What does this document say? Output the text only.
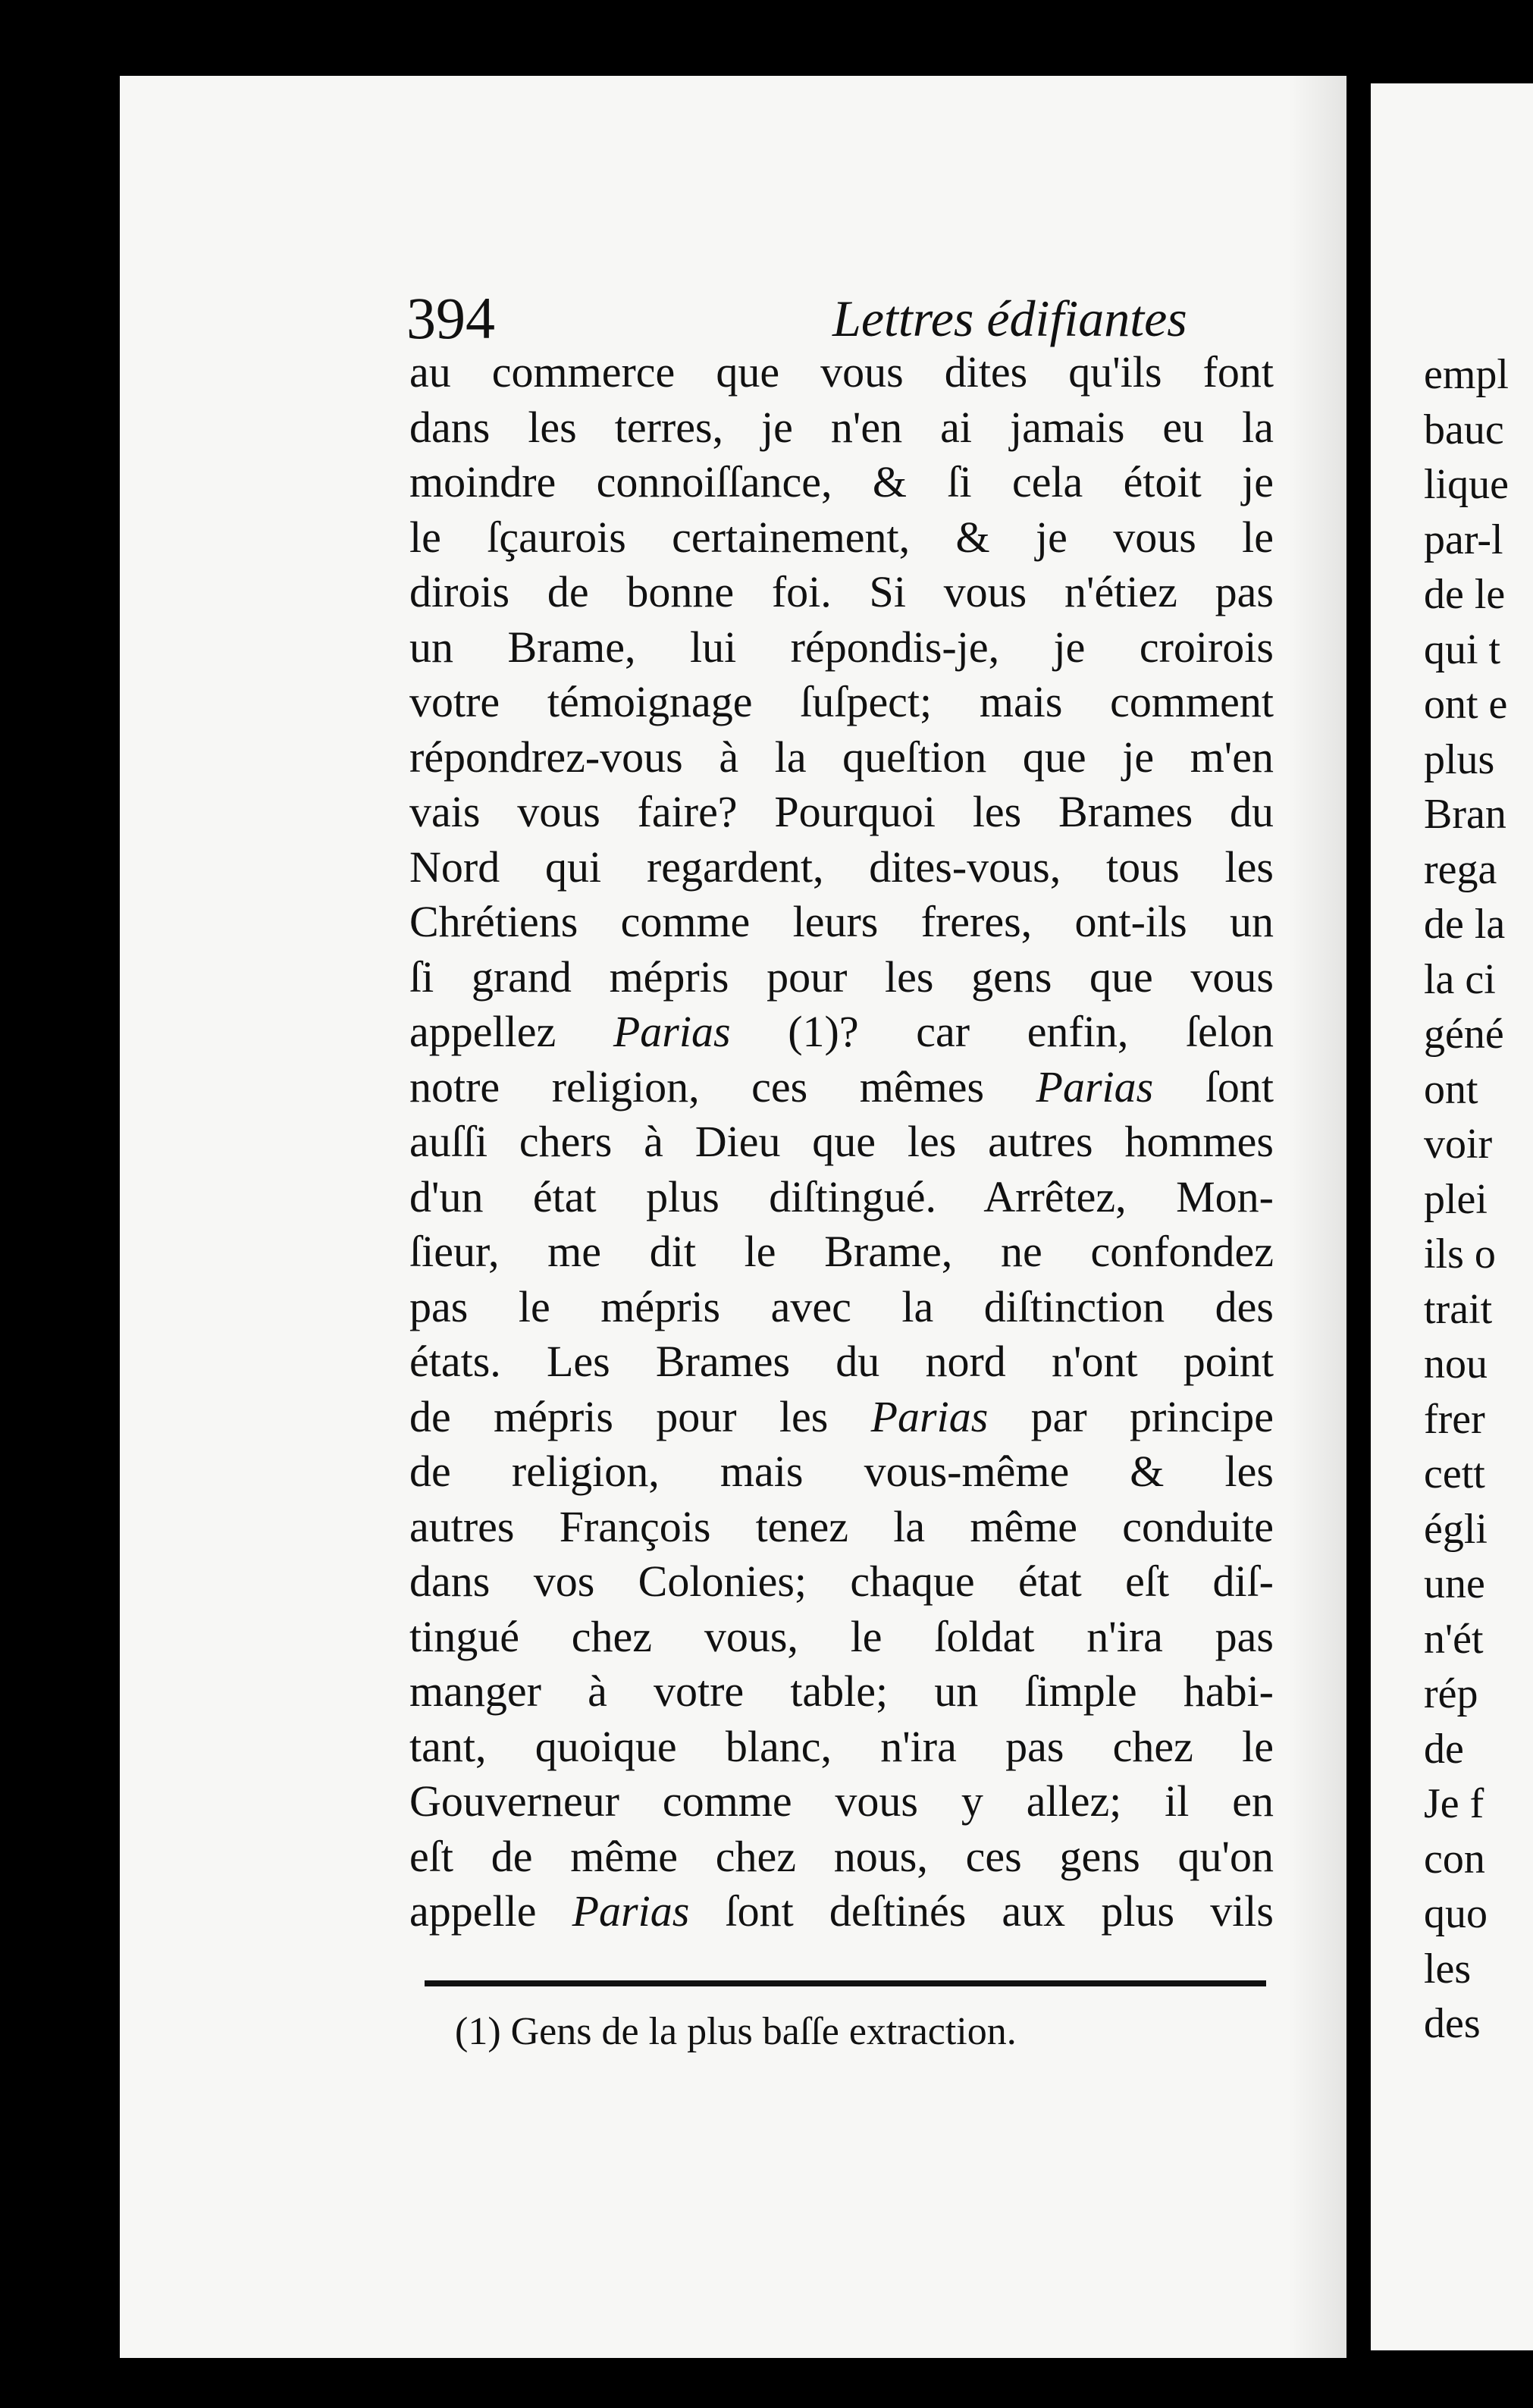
394	Lettres édifiantes
au commerce que vous dites qu'ils font
dans les terres, je n'en ai jamais eu la
moindre connoiſſance, & ſi cela étoit je
le ſçaurois certainement, & je vous le
dirois de bonne foi. Si vous n'étiez pas
un Brame, lui répondis-je, je croirois
votre témoignage ſuſpect; mais comment
répondrez-vous à la queſtion que je m'en
vais vous faire? Pourquoi les Brames du
Nord qui regardent, dites-vous, tous les
Chrétiens comme leurs freres, ont-ils un
ſi grand mépris pour les gens que vous
appellez Parias (1)? car enfin, ſelon
notre religion, ces mêmes Parias ſont
auſſi chers à Dieu que les autres hommes
d'un état plus diſtingué. Arrêtez, Mon-
ſieur, me dit le Brame, ne confondez
pas le mépris avec la diſtinction des
états. Les Brames du nord n'ont point
de mépris pour les Parias par principe
de religion, mais vous-même & les
autres François tenez la même conduite
dans vos Colonies; chaque état eſt diſ-
tingué chez vous, le ſoldat n'ira pas
manger à votre table; un ſimple habi-
tant, quoique blanc, n'ira pas chez le
Gouverneur comme vous y allez; il en
eſt de même chez nous, ces gens qu'on
appelle Parias ſont deſtinés aux plus vils
(1) Gens de la plus baſſe extraction.
empl
bauc
lique
par-l
de le
qui t
ont e
plus
Bran
rega
de la
la ci
géné
ont
voir
plei
ils o
trait
nou
frer
cett
égli
une
n'ét
rép
de
Je f
con
quo
les
des
